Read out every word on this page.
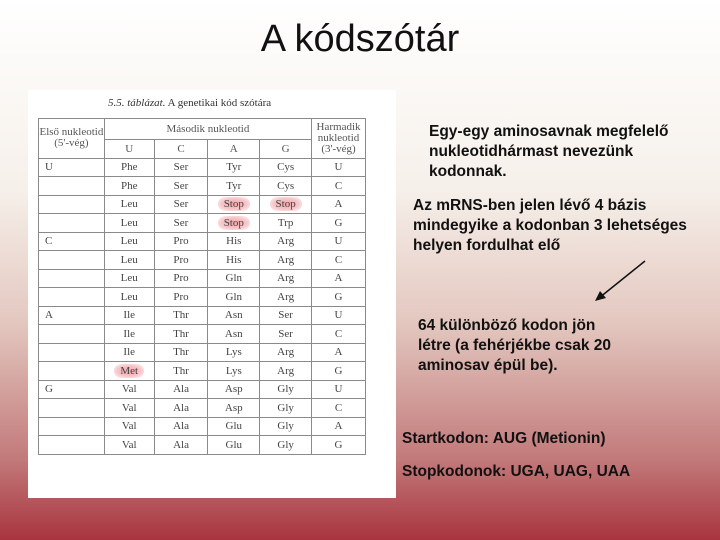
A kódszótár
5.5. táblázat. A genetikai kód szótára
Első nukleotid (5'-vég)	Második nukleotid				Harmadik nukleotid (3'-vég)
	U	C	A	G	
U	Phe	Ser	Tyr	Cys	U
	Phe	Ser	Tyr	Cys	C
	Leu	Ser	Stop	Stop	A
	Leu	Ser	Stop	Trp	G
C	Leu	Pro	His	Arg	U
	Leu	Pro	His	Arg	C
	Leu	Pro	Gln	Arg	A
	Leu	Pro	Gln	Arg	G
A	Ile	Thr	Asn	Ser	U
	Ile	Thr	Asn	Ser	C
	Ile	Thr	Lys	Arg	A
	Met	Thr	Lys	Arg	G
G	Val	Ala	Asp	Gly	U
	Val	Ala	Asp	Gly	C
	Val	Ala	Glu	Gly	A
	Val	Ala	Glu	Gly	G
Egy-egy aminosavnak megfelelő nukleotidhármast nevezünk kodonnak.
Az mRNS-ben jelen lévő 4 bázis mindegyike a kodonban 3 lehetséges helyen fordulhat elő
64 különböző kodon jön létre (a fehérjékbe csak 20 aminosav épül be).
Startkodon: AUG (Metionin)
Stopkodonok: UGA, UAG, UAA
